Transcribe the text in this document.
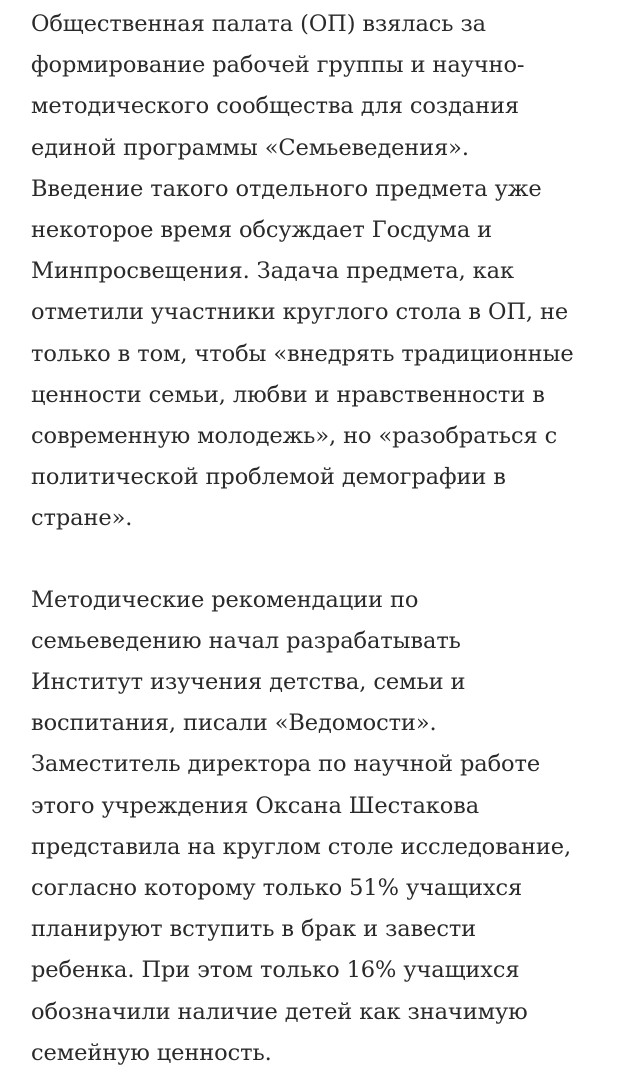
Общественная палата (ОП) взялась за
формирование рабочей группы и научно-
методического сообщества для создания
единой программы «Семьеведения».
Введение такого отдельного предмета уже
некоторое время обсуждает Госдума и
Минпросвещения. Задача предмета, как
отметили участники круглого стола в ОП, не
только в том, чтобы «внедрять традиционные
ценности семьи, любви и нравственности в
современную молодежь», но «разобраться с
политической проблемой демографии в
стране».

Методические рекомендации по
семьеведению начал разрабатывать
Институт изучения детства, семьи и
воспитания, писали «Ведомости».
Заместитель директора по научной работе
этого учреждения Оксана Шестакова
представила на круглом столе исследование,
согласно которому только 51% учащихся
планируют вступить в брак и завести
ребенка. При этом только 16% учащихся
обозначили наличие детей как значимую
семейную ценность.
